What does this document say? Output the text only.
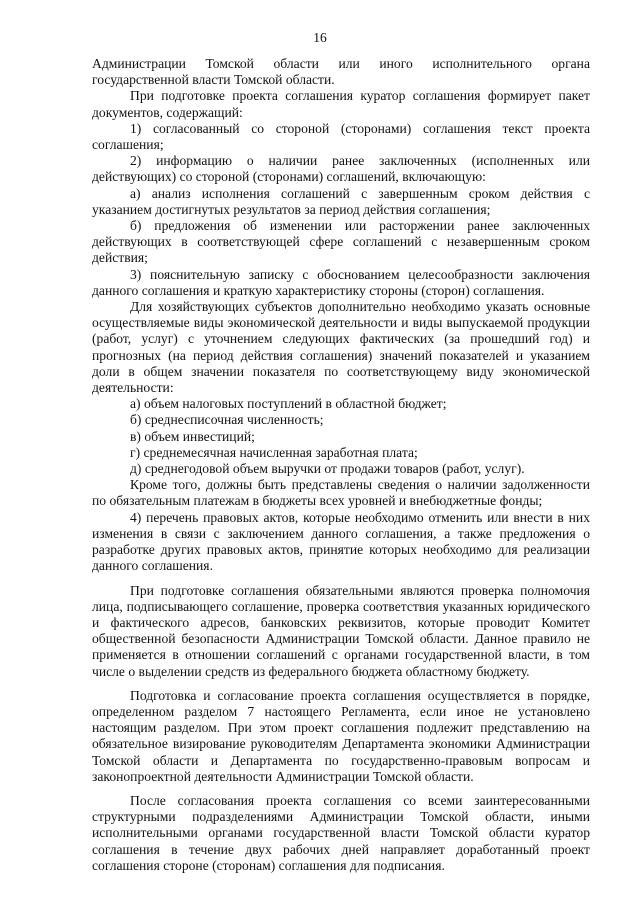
16

Администрации Томской области или иного исполнительного органа государственной власти Томской области.

При подготовке проекта соглашения куратор соглашения формирует пакет документов, содержащий:

1) согласованный со стороной (сторонами) соглашения текст проекта соглашения;

2) информацию о наличии ранее заключенных (исполненных или действующих) со стороной (сторонами) соглашений, включающую:

а) анализ исполнения соглашений с завершенным сроком действия с указанием достигнутых результатов за период действия соглашения;

б) предложения об изменении или расторжении ранее заключенных действующих в соответствующей сфере соглашений с незавершенным сроком действия;

3) пояснительную записку с обоснованием целесообразности заключения данного соглашения и краткую характеристику стороны (сторон) соглашения.

Для хозяйствующих субъектов дополнительно необходимо указать основные осуществляемые виды экономической деятельности и виды выпускаемой продукции (работ, услуг) с уточнением следующих фактических (за прошедший год) и прогнозных (на период действия соглашения) значений показателей и указанием доли в общем значении показателя по соответствующему виду экономической деятельности:

а) объем налоговых поступлений в областной бюджет;

б) среднесписочная численность;

в) объем инвестиций;

г) среднемесячная начисленная заработная плата;

д) среднегодовой объем выручки от продажи товаров (работ, услуг).

Кроме того, должны быть представлены сведения о наличии задолженности по обязательным платежам в бюджеты всех уровней и внебюджетные фонды;

4) перечень правовых актов, которые необходимо отменить или внести в них изменения в связи с заключением данного соглашения, а также предложения о разработке других правовых актов, принятие которых необходимо для реализации данного соглашения.

При подготовке соглашения обязательными являются проверка полномочия лица, подписывающего соглашение, проверка соответствия указанных юридического и фактического адресов, банковских реквизитов, которые проводит Комитет общественной безопасности Администрации Томской области. Данное правило не применяется в отношении соглашений с органами государственной власти, в том числе о выделении средств из федерального бюджета областному бюджету.

Подготовка и согласование проекта соглашения осуществляется в порядке, определенном разделом 7 настоящего Регламента, если иное не установлено настоящим разделом. При этом проект соглашения подлежит представлению на обязательное визирование руководителям Департамента экономики Администрации Томской области и Департамента по государственно-правовым вопросам и законопроектной деятельности Администрации Томской области.

После согласования проекта соглашения со всеми заинтересованными структурными подразделениями Администрации Томской области, иными исполнительными органами государственной власти Томской области куратор соглашения в течение двух рабочих дней направляет доработанный проект соглашения стороне (сторонам) соглашения для подписания.
